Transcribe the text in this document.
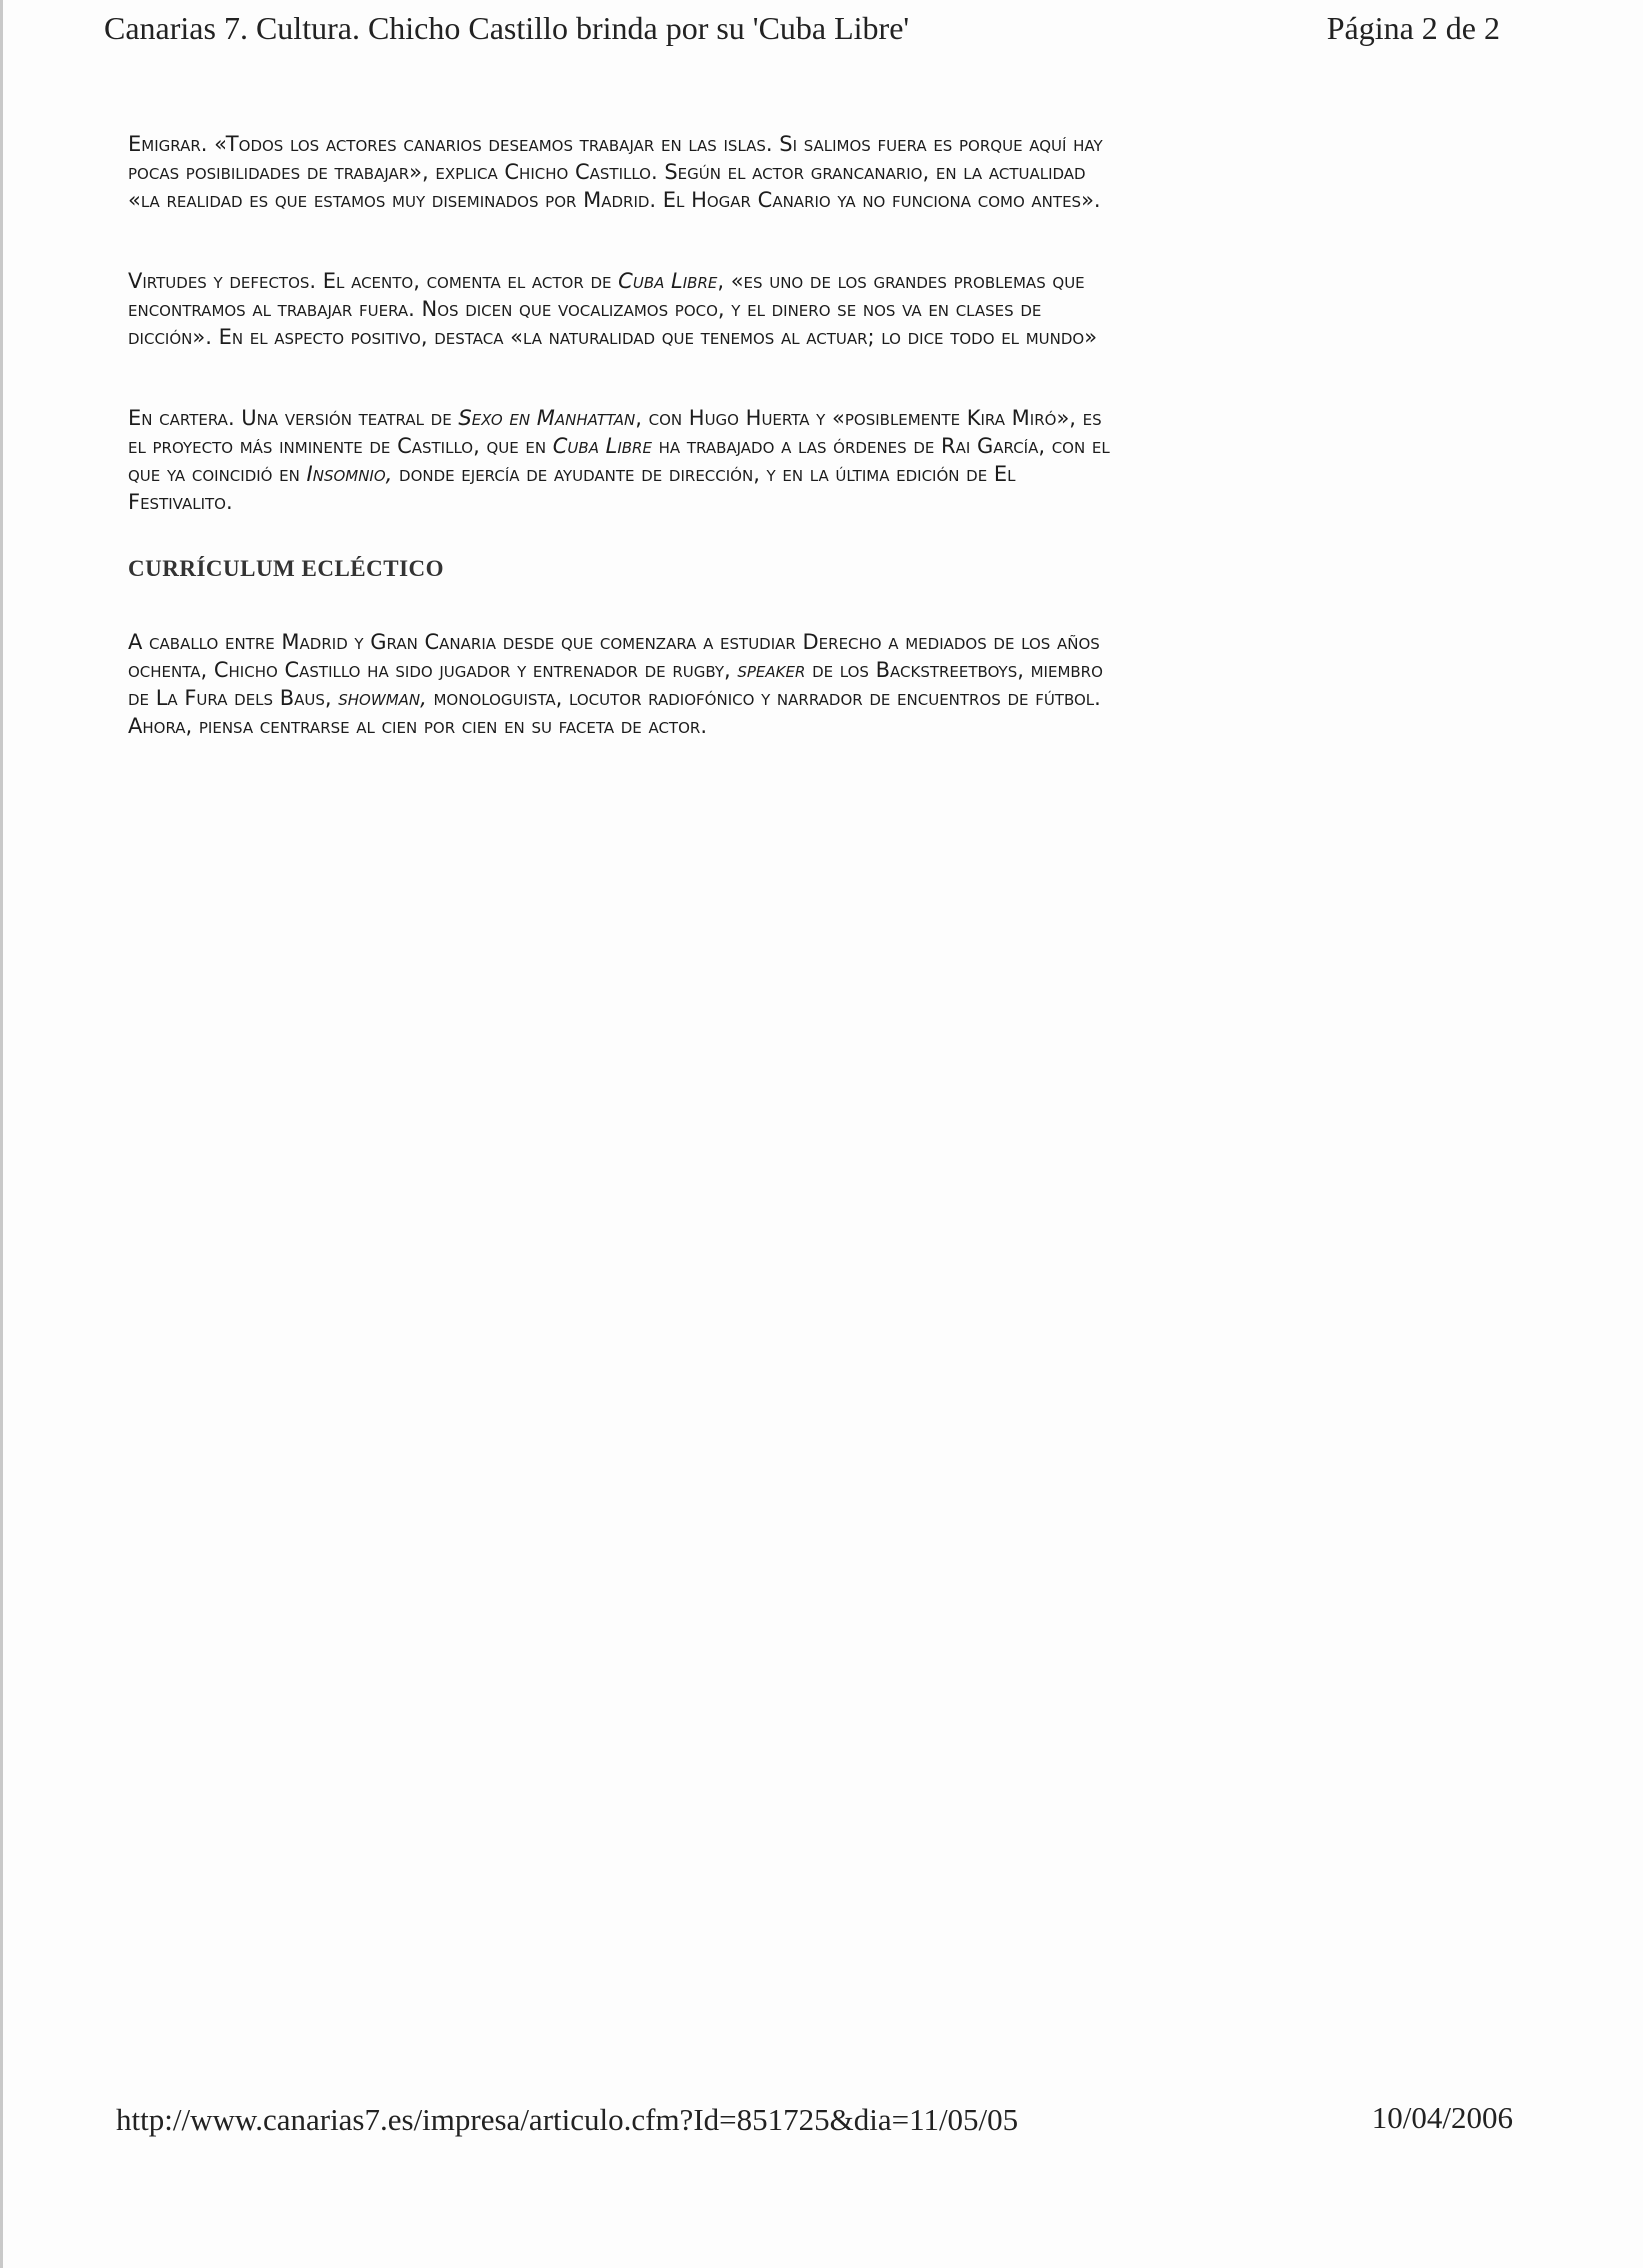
Canarias 7. Cultura. Chicho Castillo brinda por su 'Cuba Libre'	Página 2 de 2

Emigrar. «Todos los actores canarios deseamos trabajar en las islas. Si salimos fuera es porque aquí hay pocas posibilidades de trabajar», explica Chicho Castillo. Según el actor grancanario, en la actualidad «la realidad es que estamos muy diseminados por Madrid. El Hogar Canario ya no funciona como antes».

Virtudes y defectos. El acento, comenta el actor de Cuba Libre, «es uno de los grandes problemas que encontramos al trabajar fuera. Nos dicen que vocalizamos poco, y el dinero se nos va en clases de dicción». En el aspecto positivo, destaca «la naturalidad que tenemos al actuar; lo dice todo el mundo»

En cartera. Una versión teatral de Sexo en Manhattan, con Hugo Huerta y «posiblemente Kira Miró», es el proyecto más inminente de Castillo, que en Cuba Libre ha trabajado a las órdenes de Rai García, con el que ya coincidió en Insomnio, donde ejercía de ayudante de dirección, y en la última edición de El Festivalito.

CURRÍCULUM ECLÉCTICO

A caballo entre Madrid y Gran Canaria desde que comenzara a estudiar Derecho a mediados de los años ochenta, Chicho Castillo ha sido jugador y entrenador de rugby, speaker de los Backstreetboys, miembro de La Fura dels Baus, showman, monologuista, locutor radiofónico y narrador de encuentros de fútbol. Ahora, piensa centrarse al cien por cien en su faceta de actor.

http://www.canarias7.es/impresa/articulo.cfm?Id=851725&dia=11/05/05	10/04/2006
